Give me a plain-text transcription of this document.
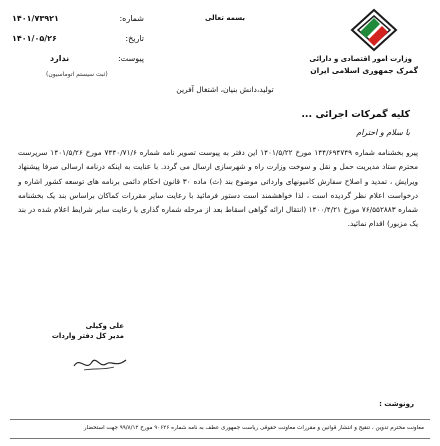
وزارت امور اقتصادی و دارائی
گمرک جمهوری اسلامی ایران
بسمه تعالی
شماره:
۱۴۰۱/۷۳۹۲۱
تاریخ:
۱۴۰۱/۰۵/۲۶
پیوست:
ندارد
(ثبت سیستم اتوماسیون)
تولید،دانش بنیان، اشتغال آفرین
کلیه گمرکات اجرائی ...
با سلام و احترام
پیرو بخشنامه شماره ۱۴۴/۶۹۴۷۴۹ مورخ ۱۴۰۱/۵/۲۲ این دفتر به پیوست تصویر نامه شماره ۷۴۴۰/۷۱/۶ مورخ ۱۴۰۱/۵/۲۶ سرپرست محترم ستاد مدیریت حمل و نقل و سوخت وزارت راه و شهرسازی ارسال می گردد. با عنایت به اینکه درنامه ارسالی صرفا پیشنهاد ویرایش ، تمدید و اصلاح سفارش کامیونهای وارداتی موضوع بند (ث) ماده ۳۰ قانون احکام دائمی برنامه های توسعه کشور اشاره و درخواست اعلام نظر گردیده است ، لذا خواهشمند است دستور فرمائید با رعایت سایر مقررات کماکان براساس بند یک بخشنامه شماره ۷۶/۵۵۲۸۸۳ مورخ ۱۴۰۰/۴/۲۱ (انتقال ارائه گواهی اسقاط بعد از مرحله شماره گذاری با رعایت سایر شرایط اعلام شده در بند یک مزبور) اقدام نمائید.
علی وکیلی
مدیر کل دفتر واردات
رونوشت :
معاونت محترم تدوین ، تنقیح و انتشار قوانین و مقررات معاونت حقوقی ریاست جمهوری عطف به نامه شماره ۹۰۶۲۶ مورخ ۹۹/۸/۱۲ جهت استحضار
